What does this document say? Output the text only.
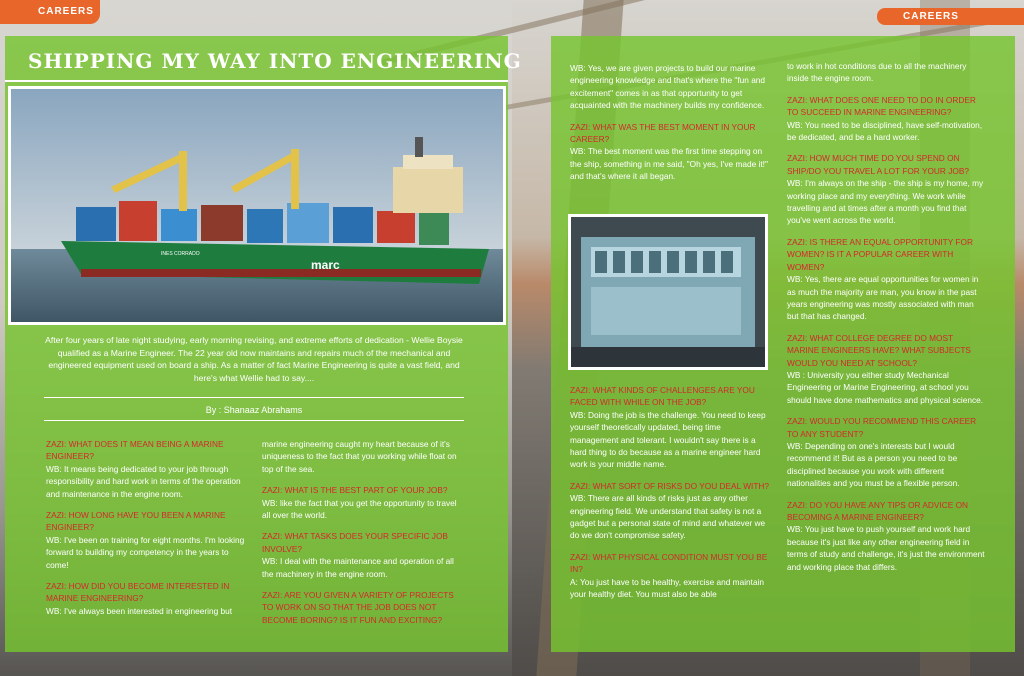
CAREERS	CAREERS
SHIPPING MY WAY INTO ENGINEERING
marc
INES CORRADO
After four years of late night studying, early morning revising, and extreme efforts of dedication - Wellie Boysie qualified as a Marine Engineer. The 22 year old now maintains and repairs much of the mechanical and engineered equipment used on board a ship. As a matter of fact Marine Engineering is quite a vast field, and here's what Wellie had to say....
By : Shanaaz Abrahams
ZAZI: WHAT DOES IT MEAN BEING A MARINE ENGINEER?
WB: It means being dedicated to your job through responsibility and hard work in terms of the operation and maintenance in the engine room.
ZAZI: HOW LONG HAVE YOU BEEN A MARINE ENGINEER?
WB: I've been on training for eight months. I'm looking forward to building my competency in the years to come!
ZAZI: HOW DID YOU BECOME INTERESTED IN MARINE ENGINEERING?
WB: I've always been interested in engineering but
marine engineering caught my heart because of it's uniqueness to the fact that you working while float on top of the sea.
ZAZI: WHAT IS THE BEST PART OF YOUR JOB?
WB: like the fact that you get the opportunity to travel all over the world.
ZAZI: WHAT TASKS DOES YOUR SPECIFIC JOB INVOLVE?
WB: I deal with the maintenance and operation of all the machinery in the engine room.
ZAZI: ARE YOU GIVEN A VARIETY OF PROJECTS TO WORK ON SO THAT THE JOB DOES NOT BECOME BORING? IS IT FUN AND EXCITING?
WB: Yes, we are given projects to build our marine engineering knowledge and that's where the "fun and excitement" comes in as that opportunity to get acquainted with the machinery builds my confidence.
ZAZI: WHAT WAS THE BEST MOMENT IN YOUR CAREER?
WB: The best moment was the first time stepping on the ship, something in me said, "Oh yes, I've made it!" and that's where it all began.
ZAZI: WHAT KINDS OF CHALLENGES ARE YOU FACED WITH WHILE ON THE JOB?
WB: Doing the job is the challenge. You need to keep yourself theoretically updated, being time management and tolerant. I wouldn't say there is a hard thing to do because as a marine engineer hard work is your middle name.
ZAZI: WHAT SORT OF RISKS DO YOU DEAL WITH?
WB: There are all kinds of risks just as any other engineering field. We understand that safety is not a gadget but a personal state of mind and whatever we do we don't compromise safety.
ZAZI: WHAT PHYSICAL CONDITION MUST YOU BE IN?
A: You just have to be healthy, exercise and maintain your healthy diet. You must also be able
to work in hot conditions due to all the machinery inside the engine room.
ZAZI: WHAT DOES ONE NEED TO DO IN ORDER TO SUCCEED IN MARINE ENGINEERING?
WB: You need to be disciplined, have self-motivation, be dedicated, and be a hard worker.
ZAZI: HOW MUCH TIME DO YOU SPEND ON SHIP/DO YOU TRAVEL A LOT FOR YOUR JOB?
WB: I'm always on the ship - the ship is my home, my working place and my everything. We work while travelling and at times after a month you find that you've went across the world.
ZAZI: IS THERE AN EQUAL OPPORTUNITY FOR WOMEN? IS IT A POPULAR CAREER WITH WOMEN?
WB: Yes, there are equal opportunities for women in as much the majority are man, you know in the past years engineering was mostly associated with man but that has changed.
ZAZI: WHAT COLLEGE DEGREE DO MOST MARINE ENGINEERS HAVE? WHAT SUBJECTS WOULD YOU NEED AT SCHOOL?
WB : University you either study Mechanical Engineering or Marine Engineering, at school you should have done mathematics and physical science.
ZAZI: WOULD YOU RECOMMEND THIS CAREER TO ANY STUDENT?
WB: Depending on one's interests but I would recommend it! But as a person you need to be disciplined because you work with different nationalities and you must be a flexible person.
ZAZI: DO YOU HAVE ANY TIPS OR ADVICE ON BECOMING A MARINE ENGINEER?
WB: You just have to push yourself and work hard because it's just like any other engineering field in terms of study and challenge, it's just the environment and working place that differs.
